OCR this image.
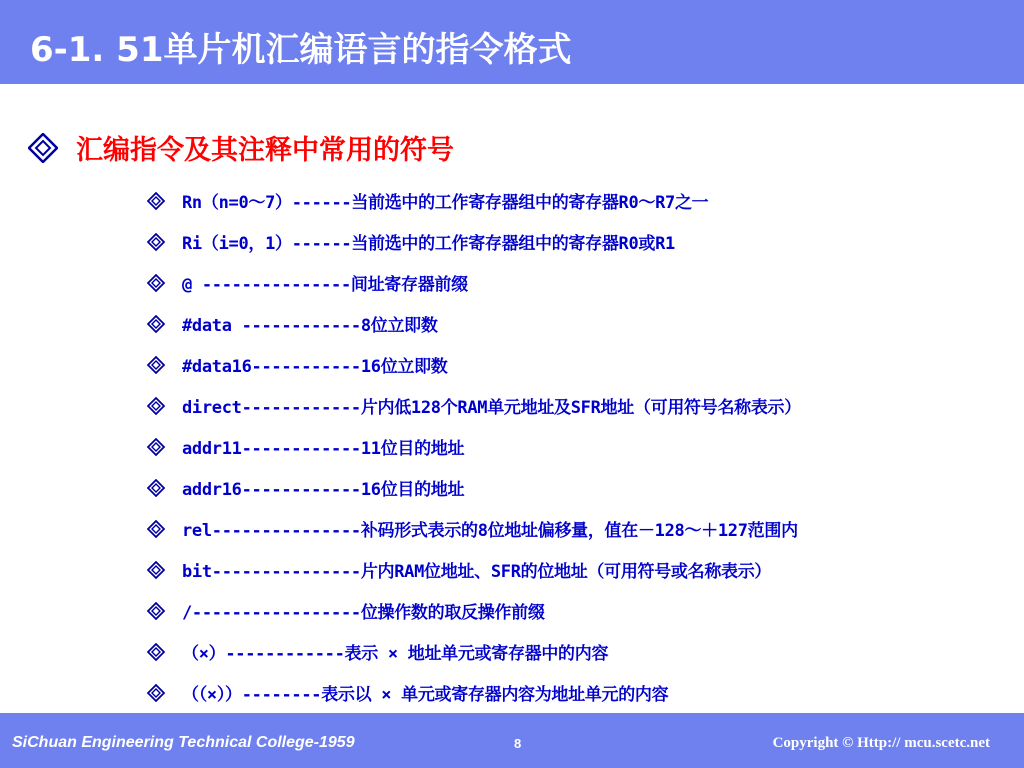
6-1. 51单片机汇编语言的指令格式
汇编指令及其注释中常用的符号
Rn（n=0～7）------当前选中的工作寄存器组中的寄存器R0～R7之一
Ri（i=0，1）------当前选中的工作寄存器组中的寄存器R0或R1
@ ---------------间址寄存器前缀
#data ------------8位立即数
#data16-----------16位立即数
direct------------片内低128个RAM单元地址及SFR地址（可用符号名称表示）
addr11------------11位目的地址
addr16------------16位目的地址
rel---------------补码形式表示的8位地址偏移量，值在－128～＋127范围内
bit---------------片内RAM位地址、SFR的位地址（可用符号或名称表示）
/-----------------位操作数的取反操作前缀
（×）------------表示 × 地址单元或寄存器中的内容
（（×））--------表示以 × 单元或寄存器内容为地址单元的内容
SiChuan Engineering Technical College-1959	8	Copyright © Http:// mcu.scetc.net
